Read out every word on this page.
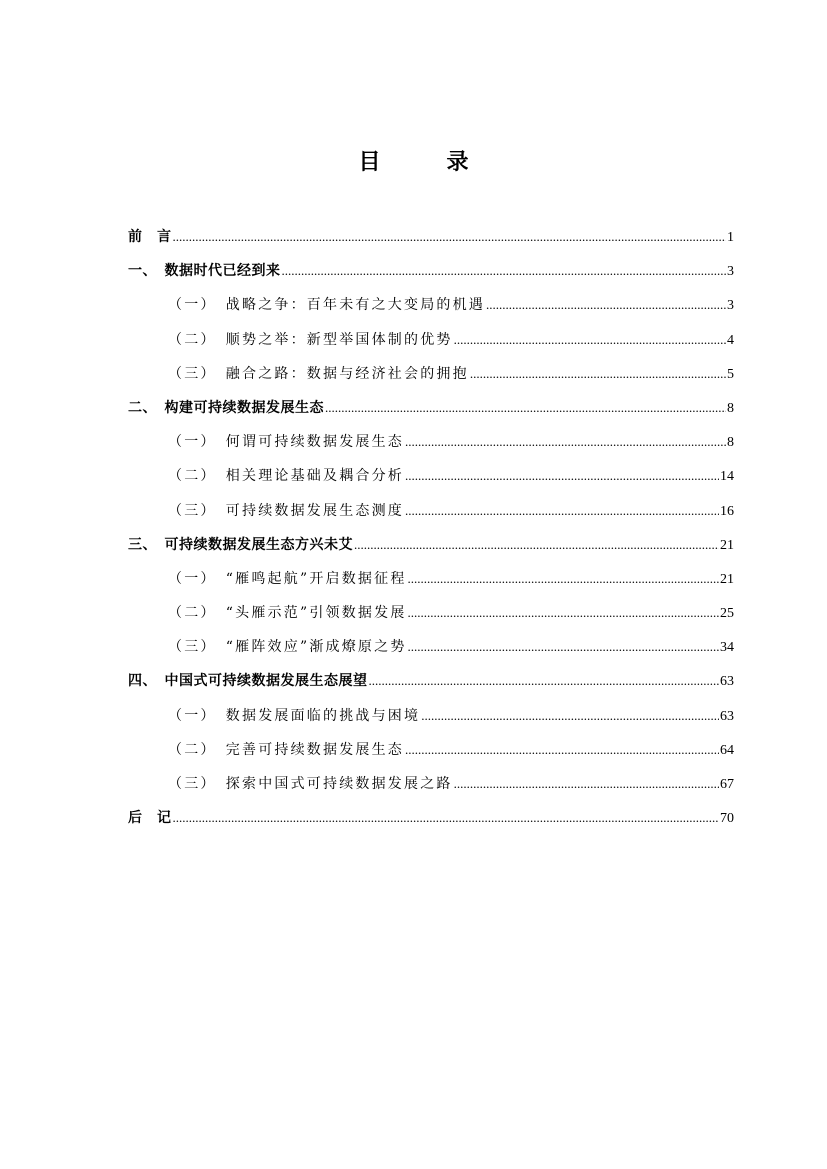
目　录
前　言 .....	1
一、　数据时代已经到来 .....	3
（一）　战略之争：百年未有之大变局的机遇 .....	3
（二）　顺势之举：新型举国体制的优势 .....	4
（三）　融合之路：数据与经济社会的拥抱 .....	5
二、　构建可持续数据发展生态 .....	8
（一）　何谓可持续数据发展生态 .....	8
（二）　相关理论基础及耦合分析 .....	14
（三）　可持续数据发展生态测度 .....	16
三、　可持续数据发展生态方兴未艾 .....	21
（一）　“雁鸣起航”开启数据征程 .....	21
（二）　“头雁示范”引领数据发展 .....	25
（三）　“雁阵效应”渐成燎原之势 .....	34
四、　中国式可持续数据发展生态展望 .....	63
（一）　数据发展面临的挑战与困境 .....	63
（二）　完善可持续数据发展生态 .....	64
（三）　探索中国式可持续数据发展之路 .....	67
后　记 .....	70
